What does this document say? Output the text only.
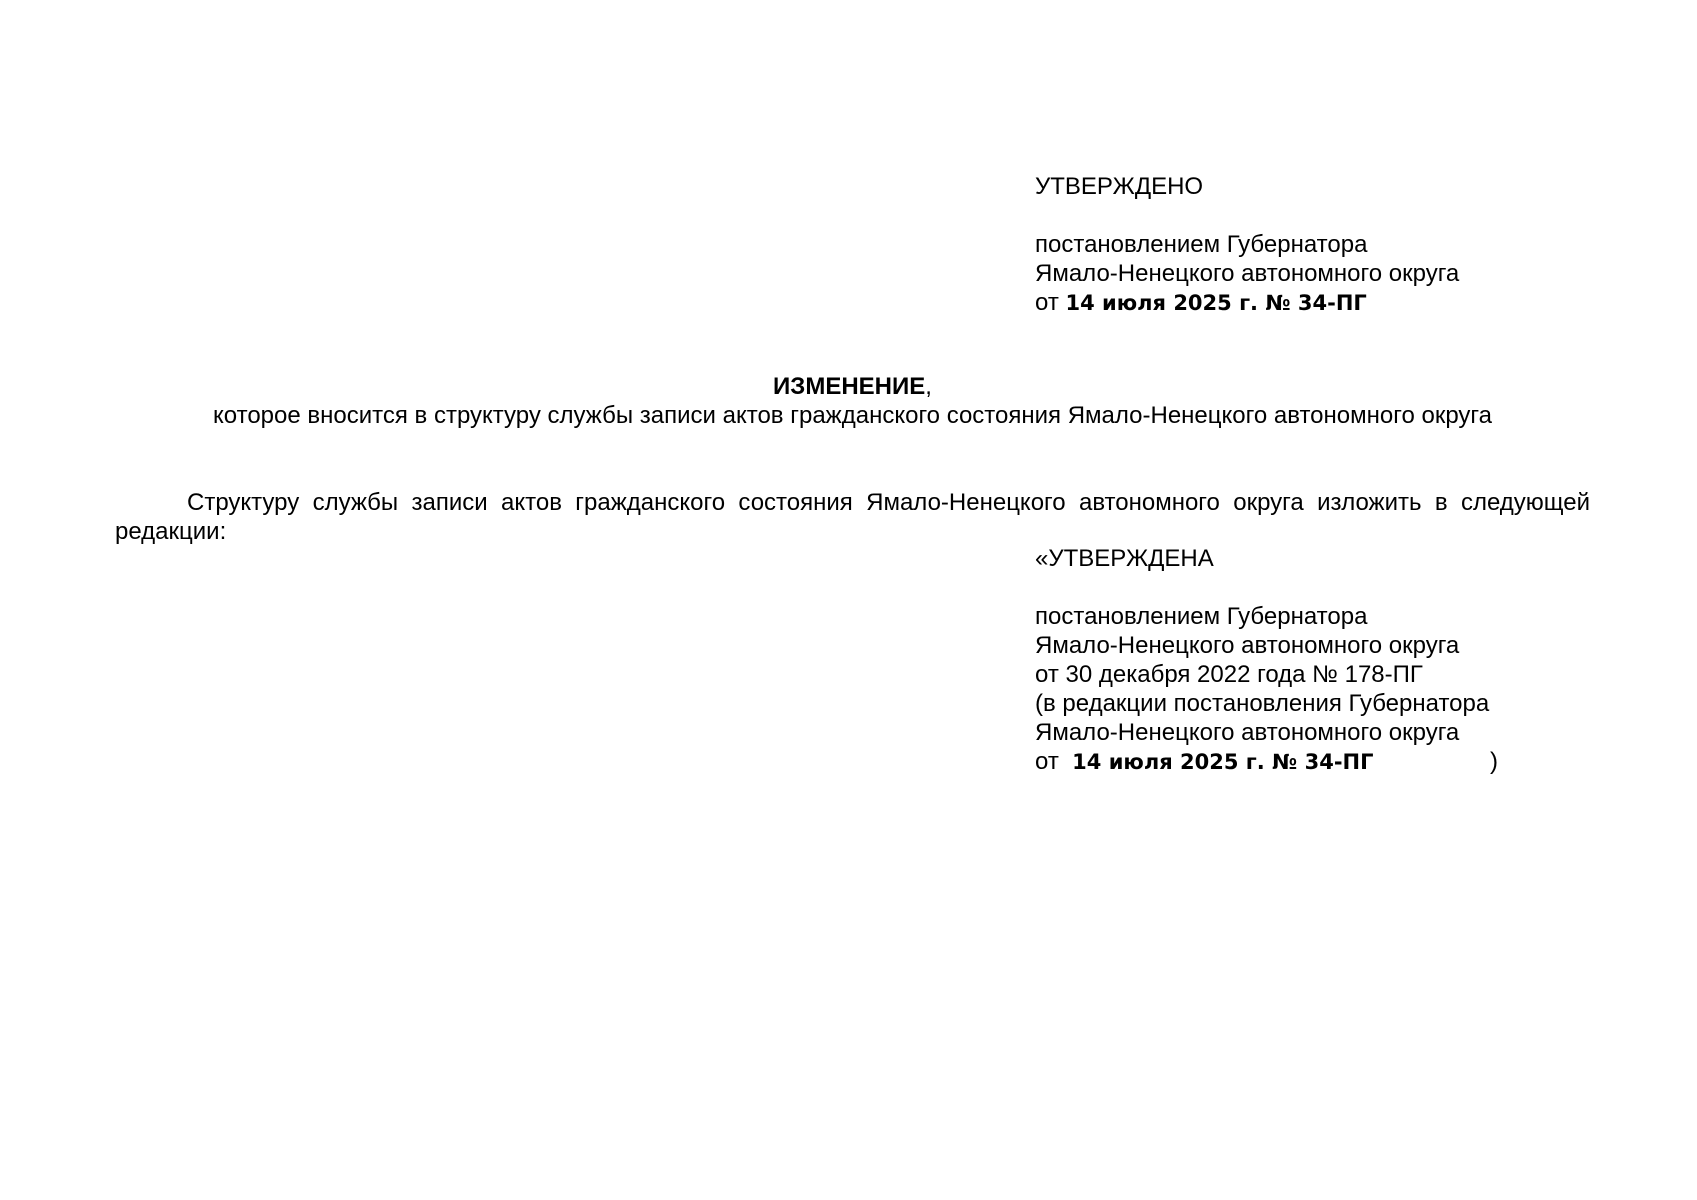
УТВЕРЖДЕНО
постановлением Губернатора
Ямало-Ненецкого автономного округа
от 14 июля 2025 г. № 34-ПГ
ИЗМЕНЕНИЕ,
которое вносится в структуру службы записи актов гражданского состояния Ямало-Ненецкого автономного округа
Структуру службы записи актов гражданского состояния Ямало-Ненецкого автономного округа изложить в следующей редакции:
«УТВЕРЖДЕНА
постановлением Губернатора
Ямало-Ненецкого автономного округа
от 30 декабря 2022 года № 178-ПГ
(в редакции постановления Губернатора
Ямало-Ненецкого автономного округа
от 14 июля 2025 г. № 34-ПГ	)
